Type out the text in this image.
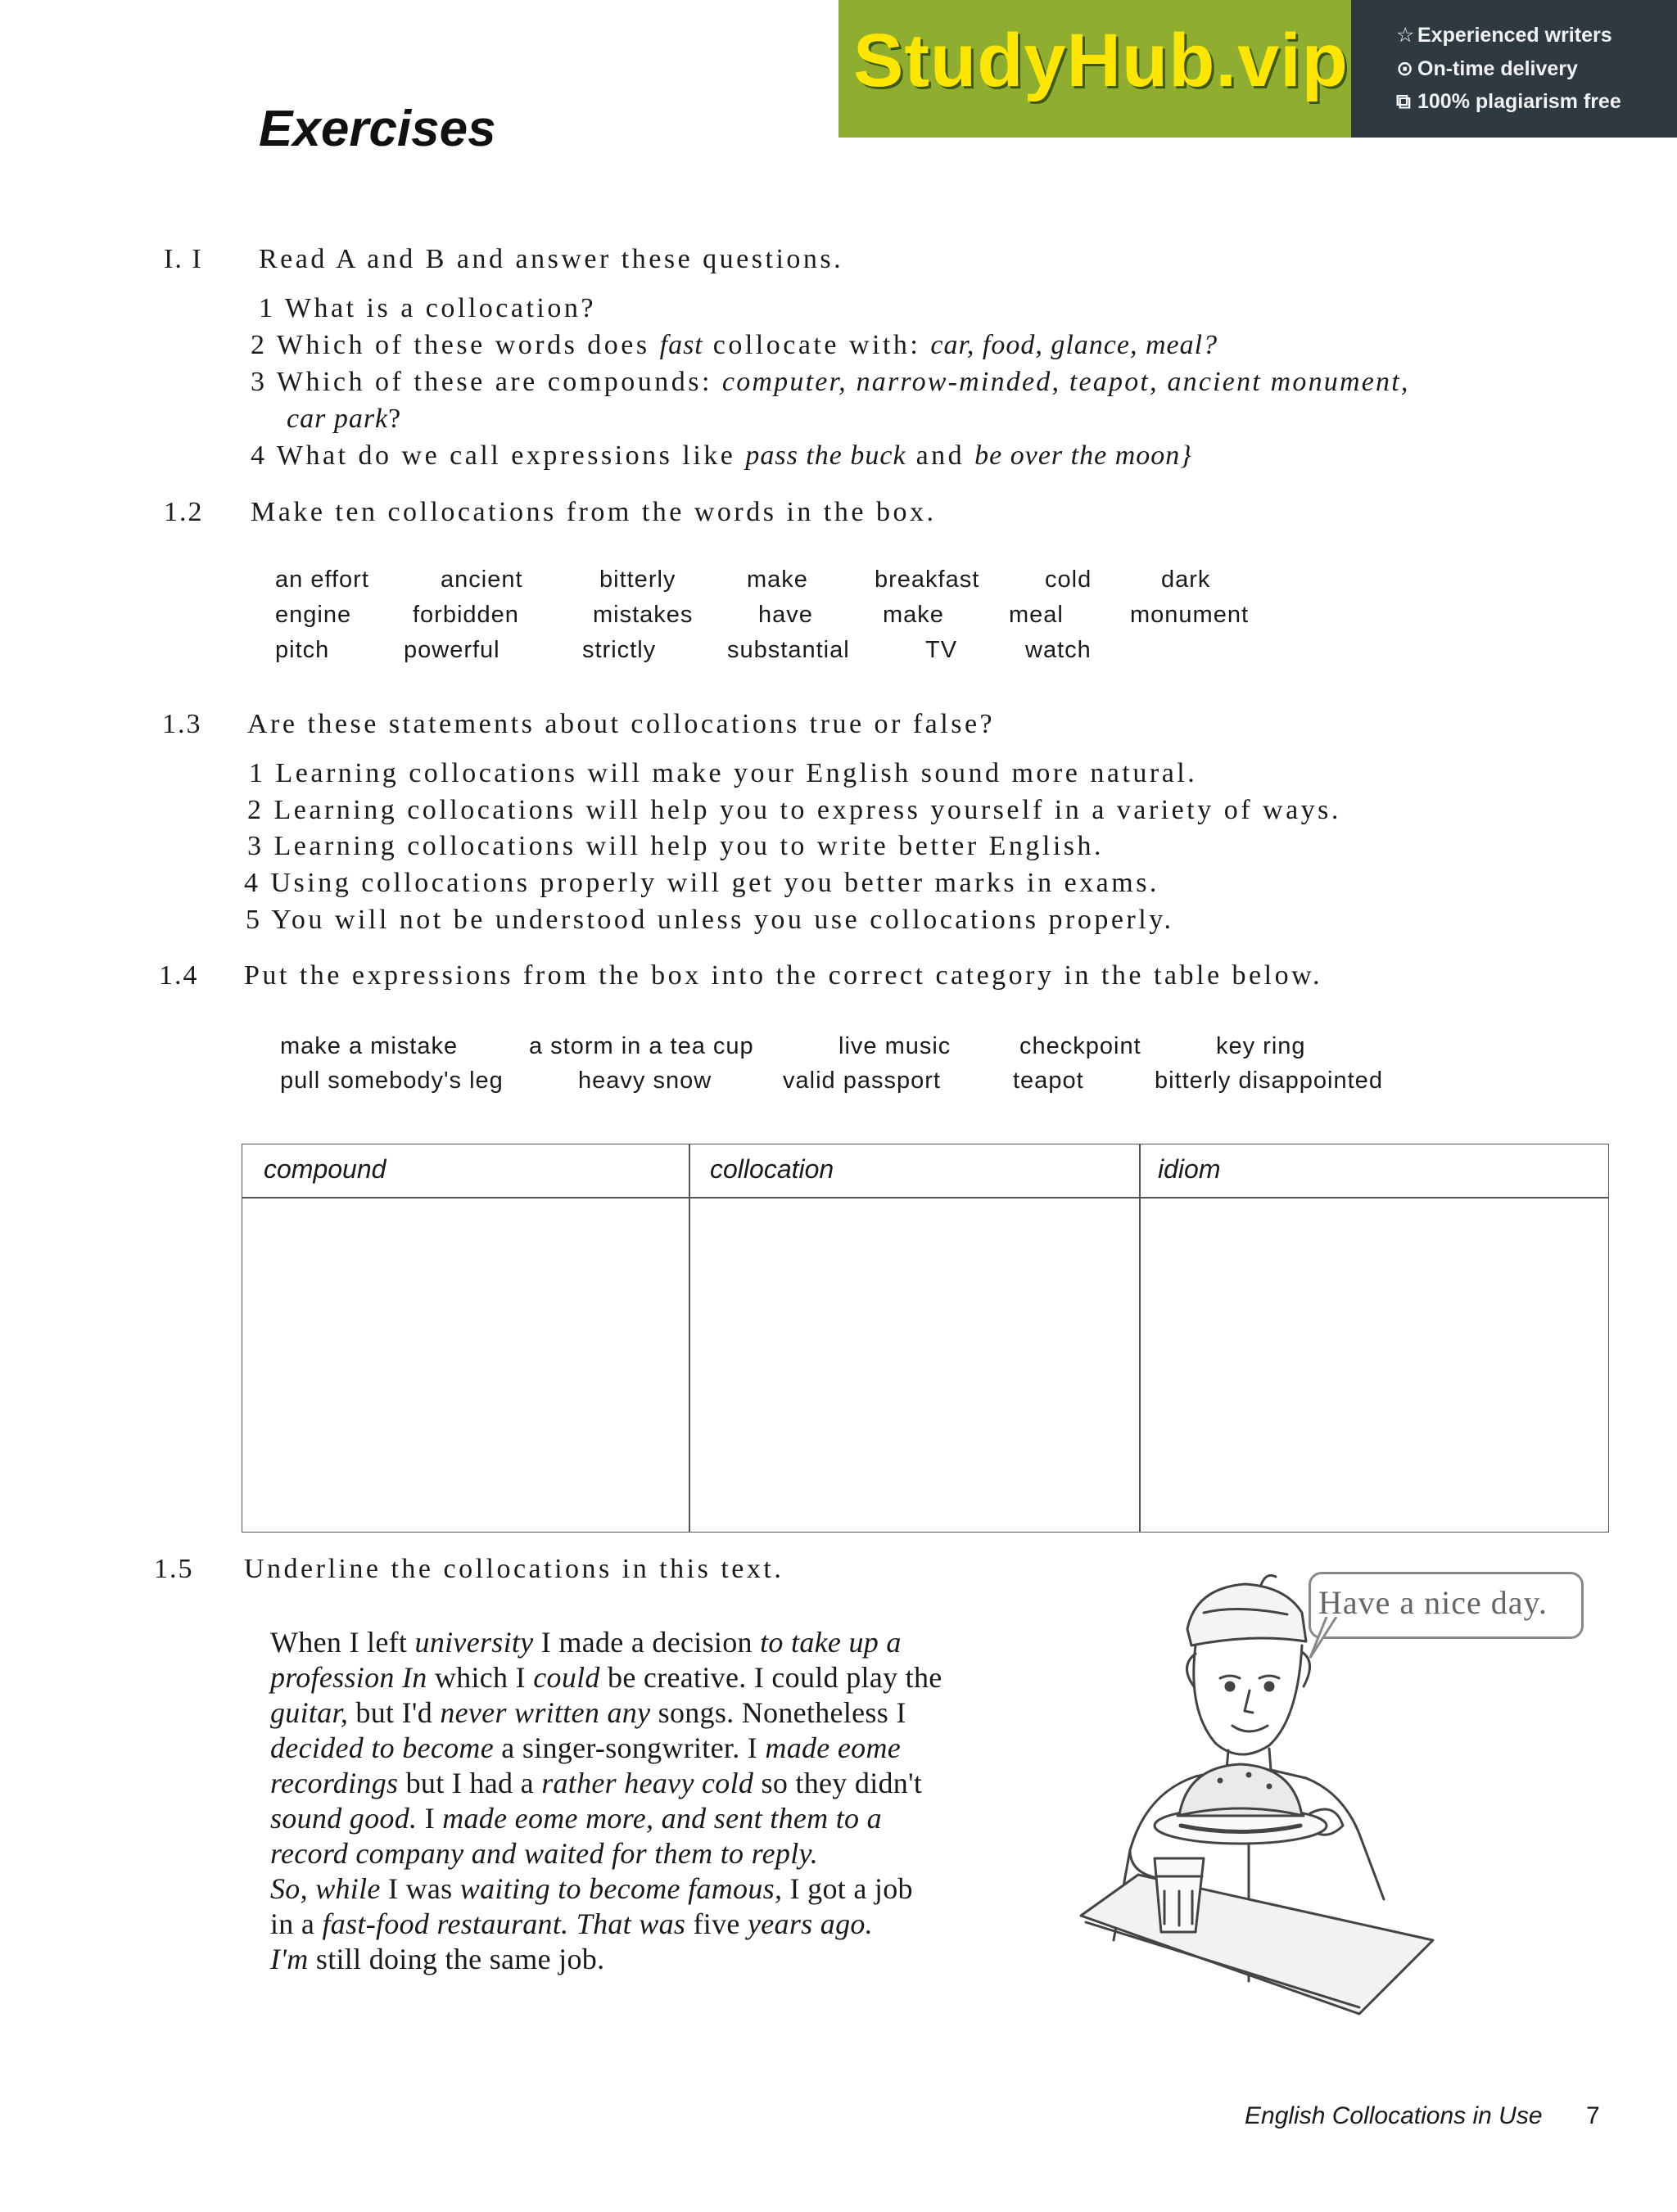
StudyHub.vip ☆ Experienced writers
⊙ On-time delivery
⧉ 100% plagiarism free
Exercises
I. I Read A and B and answer these questions.
1 What is a collocation?
2 Which of these words does fast collocate with: car, food, glance, meal?
3 Which of these are compounds: computer, narrow-minded, teapot, ancient monument,
car park?
4 What do we call expressions like pass the buck and be over the moon}
1.2 Make ten collocations from the words in the box.
an effort	ancient	bitterly	make	breakfast	cold	dark
engine	forbidden	mistakes	have	make	meal	monument
pitch	powerful	strictly	substantial	TV	watch
1.3 Are these statements about collocations true or false?
1 Learning collocations will make your English sound more natural.
2 Learning collocations will help you to express yourself in a variety of ways.
3 Learning collocations will help you to write better English.
4 Using collocations properly will get you better marks in exams.
5 You will not be understood unless you use collocations properly.
1.4 Put the expressions from the box into the correct category in the table below.
make a mistake	a storm in a tea cup	live music	checkpoint	key ring
pull somebody's leg	heavy snow	valid passport	teapot	bitterly disappointed
compound	collocation	idiom
1.5 Underline the collocations in this text.
When I left university I made a decision to take up a
profession In which I could be creative. I could play the
guitar, but I'd never written any songs. Nonetheless I
decided to become a singer-songwriter. I made eome
recordings but I had a rather heavy cold so they didn't
sound good. I made eome more, and sent them to a
record company and waited for them to reply.
So, while I was waiting to become famous, I got a job
in a fast-food restaurant. That was five years ago.
I'm still doing the same job.
Have a nice day.
English Collocations in Use 7
